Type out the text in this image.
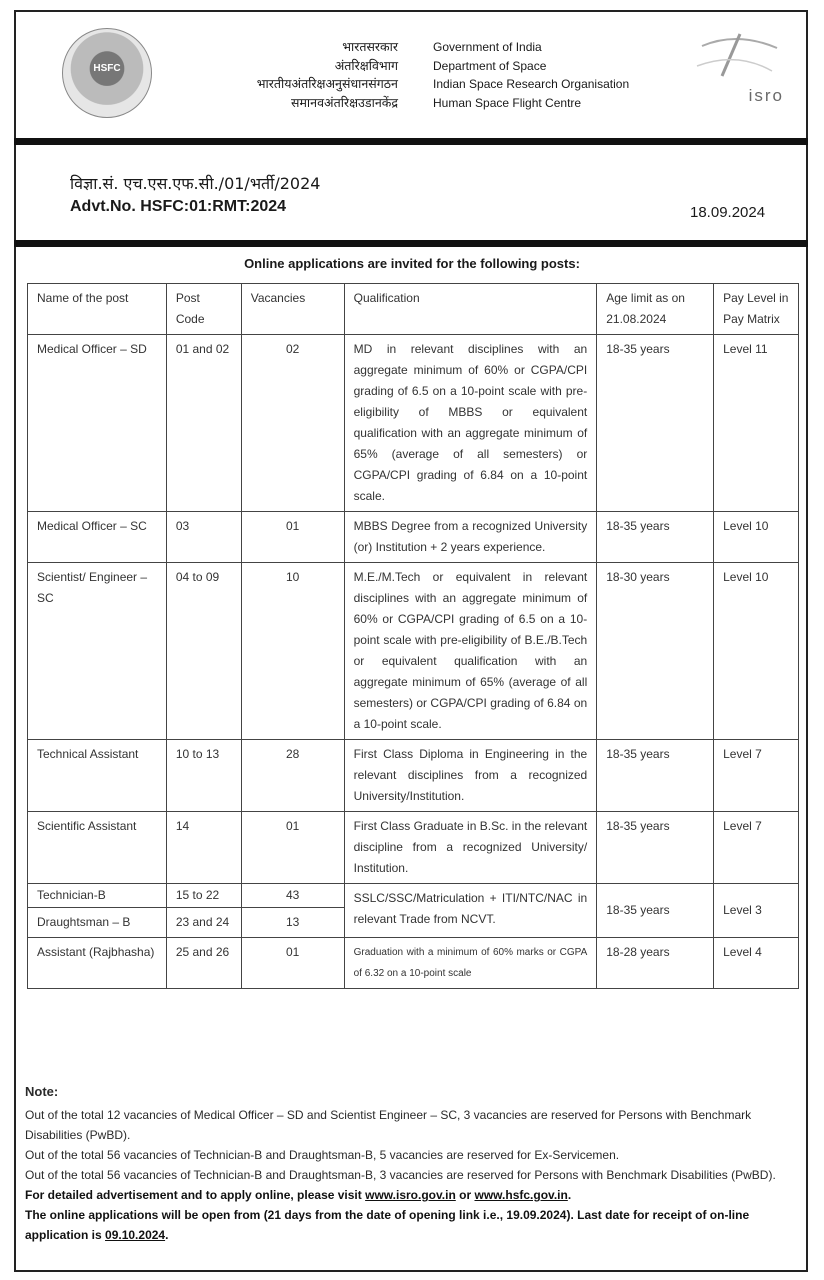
HSFC
भारतसरकार
अंतरिक्षविभाग
भारतीयअंतरिक्षअनुसंधानसंगठन
समानवअंतरिक्षउडानकेंद्र
Government of India
Department of Space
Indian Space Research Organisation
Human Space Flight Centre	isro
विज्ञा.सं. एच.एस.एफ.सी./01/भर्ती/2024
Advt.No. HSFC:01:RMT:2024	18.09.2024
Online applications are invited for the following posts:
Name of the post	Post Code	Vacancies	Qualification	Age limit as on 21.08.2024	Pay Level in Pay Matrix
Medical Officer – SD	01 and 02	02	MD in relevant disciplines with an aggregate minimum of 60% or CGPA/CPI grading of 6.5 on a 10-point scale with pre-eligibility of MBBS or equivalent qualification with an aggregate minimum of 65% (average of all semesters) or CGPA/CPI grading of 6.84 on a 10-point scale.	18-35 years	Level 11
Medical Officer – SC	03	01	MBBS Degree from a recognized University (or) Institution + 2 years experience.	18-35 years	Level 10
Scientist/ Engineer – SC	04 to 09	10	M.E./M.Tech or equivalent in relevant disciplines with an aggregate minimum of 60% or CGPA/CPI grading of 6.5 on a 10-point scale with pre-eligibility of B.E./B.Tech or equivalent qualification with an aggregate minimum of 65% (average of all semesters) or CGPA/CPI grading of 6.84 on a 10-point scale.	18-30 years	Level 10
Technical Assistant	10 to 13	28	First Class Diploma in Engineering in the relevant disciplines from a recognized University/Institution.	18-35 years	Level 7
Scientific Assistant	14	01	First Class Graduate in B.Sc. in the relevant discipline from a recognized University/ Institution.	18-35 years	Level 7
Technician-B	15 to 22	43	SSLC/SSC/Matriculation + ITI/NTC/NAC in relevant Trade from NCVT.	18-35 years	Level 3
Draughtsman – B	23 and 24	13			
Assistant (Rajbhasha)	25 and 26	01	Graduation with a minimum of 60% marks or CGPA of 6.32 on a 10-point scale	18-28 years	Level 4
Note:

Out of the total 12 vacancies of Medical Officer – SD and Scientist Engineer – SC, 3 vacancies are reserved for Persons with Benchmark Disabilities (PwBD).

Out of the total 56 vacancies of Technician-B and Draughtsman-B, 5 vacancies are reserved for Ex-Servicemen.

Out of the total 56 vacancies of Technician-B and Draughtsman-B, 3 vacancies are reserved for Persons with Benchmark Disabilities (PwBD).

For detailed advertisement and to apply online, please visit www.isro.gov.in or www.hsfc.gov.in.

The online applications will be open from (21 days from the date of opening link i.e., 19.09.2024). Last date for receipt of on-line application is 09.10.2024.
